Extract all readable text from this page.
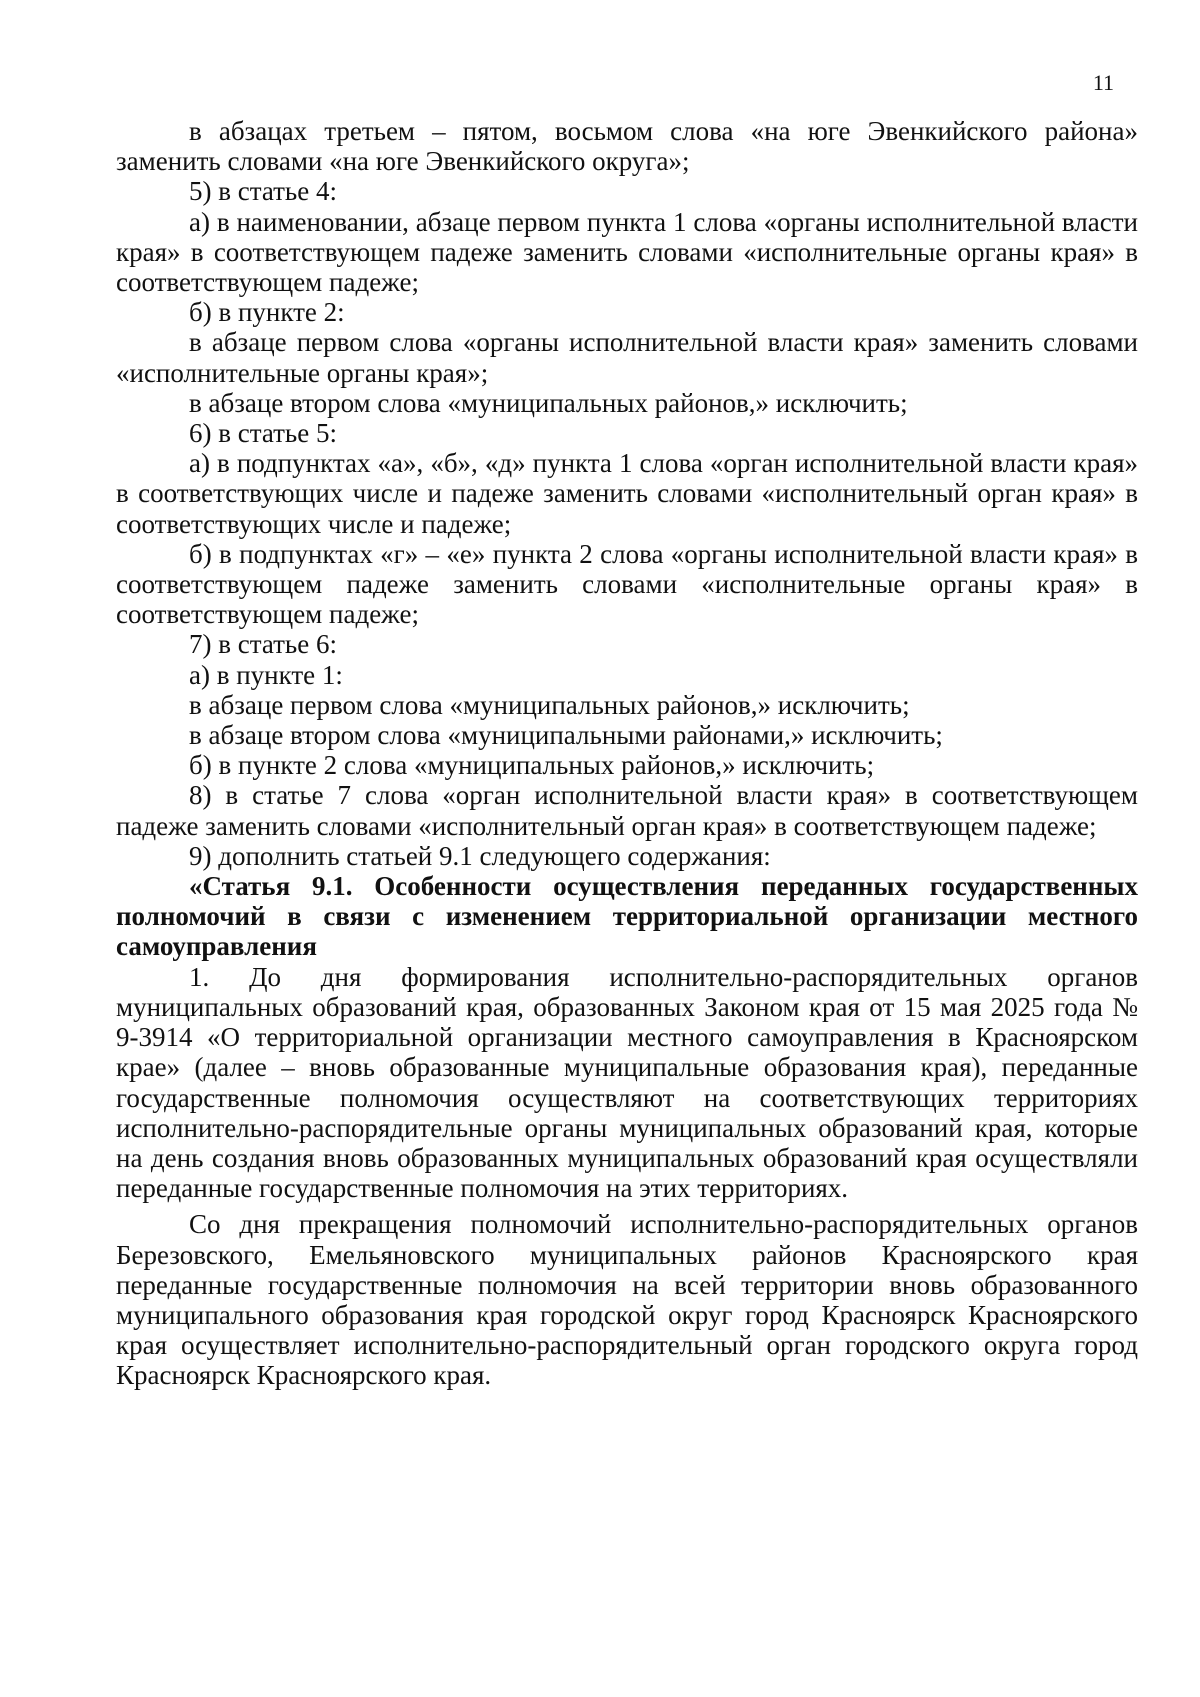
11

в абзацах третьем – пятом, восьмом слова «на юге Эвенкийского района» заменить словами «на юге Эвенкийского округа»;

5) в статье 4:

а) в наименовании, абзаце первом пункта 1 слова «органы исполнительной власти края» в соответствующем падеже заменить словами «исполнительные органы края» в соответствующем падеже;

б) в пункте 2:

в абзаце первом слова «органы исполнительной власти края» заменить словами «исполнительные органы края»;

в абзаце втором слова «муниципальных районов,» исключить;

6) в статье 5:

а) в подпунктах «а», «б», «д» пункта 1 слова «орган исполнительной власти края» в соответствующих числе и падеже заменить словами «исполнительный орган края» в соответствующих числе и падеже;

б) в подпунктах «г» – «е» пункта 2 слова «органы исполнительной власти края» в соответствующем падеже заменить словами «исполнительные органы края» в соответствующем падеже;

7) в статье 6:

а) в пункте 1:

в абзаце первом слова «муниципальных районов,» исключить;

в абзаце втором слова «муниципальными районами,» исключить;

б) в пункте 2 слова «муниципальных районов,» исключить;

8) в статье 7 слова «орган исполнительной власти края» в соответствующем падеже заменить словами «исполнительный орган края» в соответствующем падеже;

9) дополнить статьей 9.1 следующего содержания:

«Статья 9.1. Особенности осуществления переданных государственных полномочий в связи с изменением территориальной организации местного самоуправления

1. До дня формирования исполнительно-распорядительных органов муниципальных образований края, образованных Законом края от 15 мая 2025 года № 9-3914 «О территориальной организации местного самоуправления в Красноярском крае» (далее – вновь образованные муниципальные образования края), переданные государственные полномочия осуществляют на соответствующих территориях исполнительно-распорядительные органы муниципальных образований края, которые на день создания вновь образованных муниципальных образований края осуществляли переданные государственные полномочия на этих территориях.

Со дня прекращения полномочий исполнительно-распорядительных органов Березовского, Емельяновского муниципальных районов Красноярского края переданные государственные полномочия на всей территории вновь образованного муниципального образования края городской округ город Красноярск Красноярского края осуществляет исполнительно-распорядительный орган городского округа город Красноярск Красноярского края.
